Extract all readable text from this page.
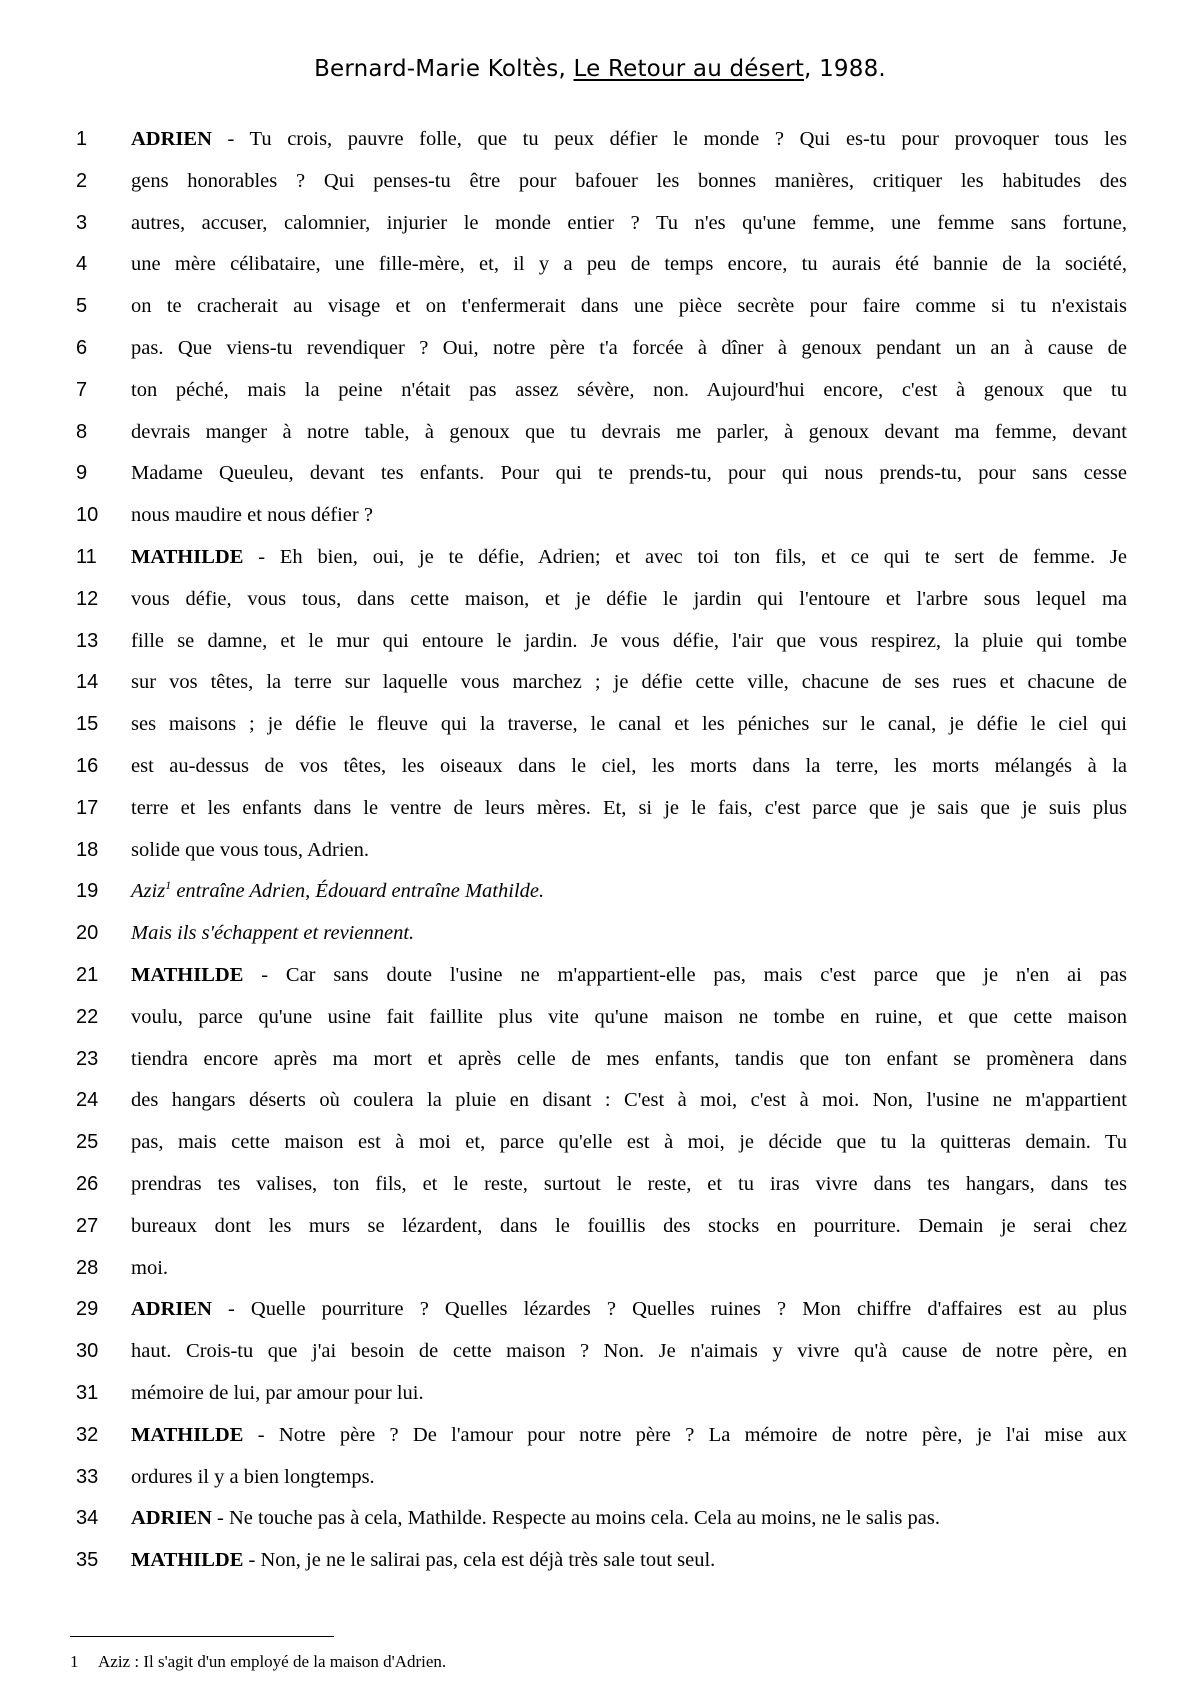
Bernard-Marie Koltès, Le Retour au désert, 1988.
1	ADRIEN - Tu crois, pauvre folle, que tu peux défier le monde ? Qui es-tu pour provoquer tous les
2	gens honorables ? Qui penses-tu être pour bafouer les bonnes manières, critiquer les habitudes des
3	autres, accuser, calomnier, injurier le monde entier ? Tu n'es qu'une femme, une femme sans fortune,
4	une mère célibataire, une fille-mère, et, il y a peu de temps encore, tu aurais été bannie de la société,
5	on te cracherait au visage et on t'enfermerait dans une pièce secrète pour faire comme si tu n'existais
6	pas. Que viens-tu revendiquer ? Oui, notre père t'a forcée à dîner à genoux pendant un an à cause de
7	ton péché, mais la peine n'était pas assez sévère, non. Aujourd'hui encore, c'est à genoux que tu
8	devrais manger à notre table, à genoux que tu devrais me parler, à genoux devant ma femme, devant
9	Madame Queuleu, devant tes enfants. Pour qui te prends-tu, pour qui nous prends-tu, pour sans cesse
10	nous maudire et nous défier ?
11	MATHILDE - Eh bien, oui, je te défie, Adrien; et avec toi ton fils, et ce qui te sert de femme. Je
12	vous défie, vous tous, dans cette maison, et je défie le jardin qui l'entoure et l'arbre sous lequel ma
13	fille se damne, et le mur qui entoure le jardin. Je vous défie, l'air que vous respirez, la pluie qui tombe
14	sur vos têtes, la terre sur laquelle vous marchez ; je défie cette ville, chacune de ses rues et chacune de
15	ses maisons ; je défie le fleuve qui la traverse, le canal et les péniches sur le canal, je défie le ciel qui
16	est au-dessus de vos têtes, les oiseaux dans le ciel, les morts dans la terre, les morts mélangés à la
17	terre et les enfants dans le ventre de leurs mères. Et, si je le fais, c'est parce que je sais que je suis plus
18	solide que vous tous, Adrien.
19	Aziz$^1$ entraîne Adrien, Édouard entraîne Mathilde.
20	Mais ils s'échappent et reviennent.
21	MATHILDE - Car sans doute l'usine ne m'appartient-elle pas, mais c'est parce que je n'en ai pas
22	voulu, parce qu'une usine fait faillite plus vite qu'une maison ne tombe en ruine, et que cette maison
23	tiendra encore après ma mort et après celle de mes enfants, tandis que ton enfant se promènera dans
24	des hangars déserts où coulera la pluie en disant : C'est à moi, c'est à moi. Non, l'usine ne m'appartient
25	pas, mais cette maison est à moi et, parce qu'elle est à moi, je décide que tu la quitteras demain. Tu
26	prendras tes valises, ton fils, et le reste, surtout le reste, et tu iras vivre dans tes hangars, dans tes
27	bureaux dont les murs se lézardent, dans le fouillis des stocks en pourriture. Demain je serai chez
28	moi.
29	ADRIEN - Quelle pourriture ? Quelles lézardes ? Quelles ruines ? Mon chiffre d'affaires est au plus
30	haut. Crois-tu que j'ai besoin de cette maison ? Non. Je n'aimais y vivre qu'à cause de notre père, en
31	mémoire de lui, par amour pour lui.
32	MATHILDE - Notre père ? De l'amour pour notre père ? La mémoire de notre père, je l'ai mise aux
33	ordures il y a bien longtemps.
34	ADRIEN - Ne touche pas à cela, Mathilde. Respecte au moins cela. Cela au moins, ne le salis pas.
35	MATHILDE - Non, je ne le salirai pas, cela est déjà très sale tout seul.
1 Aziz : Il s'agit d'un employé de la maison d'Adrien.
